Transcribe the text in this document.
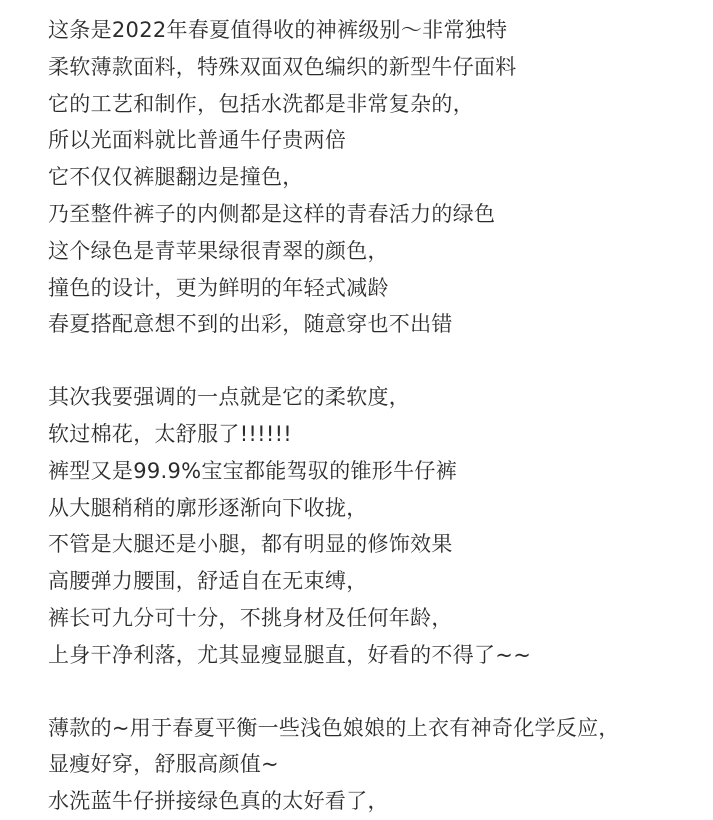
这条是2022年春夏值得收的神裤级别～非常独特
柔软薄款面料，特殊双面双色编织的新型牛仔面料
它的工艺和制作，包括水洗都是非常复杂的，
所以光面料就比普通牛仔贵两倍
它不仅仅裤腿翻边是撞色，
乃至整件裤子的内侧都是这样的青春活力的绿色
这个绿色是青苹果绿很青翠的颜色，
撞色的设计，更为鲜明的年轻式减龄
春夏搭配意想不到的出彩，随意穿也不出错

其次我要强调的一点就是它的柔软度，
软过棉花，太舒服了!!!!!!
裤型又是99.9%宝宝都能驾驭的锥形牛仔裤
从大腿稍稍的廓形逐渐向下收拢，
不管是大腿还是小腿，都有明显的修饰效果
高腰弹力腰围，舒适自在无束缚，
裤长可九分可十分，不挑身材及任何年龄，
上身干净利落，尤其显瘦显腿直，好看的不得了~~

薄款的~用于春夏平衡一些浅色娘娘的上衣有神奇化学反应，
显瘦好穿，舒服高颜值~
水洗蓝牛仔拼接绿色真的太好看了，
